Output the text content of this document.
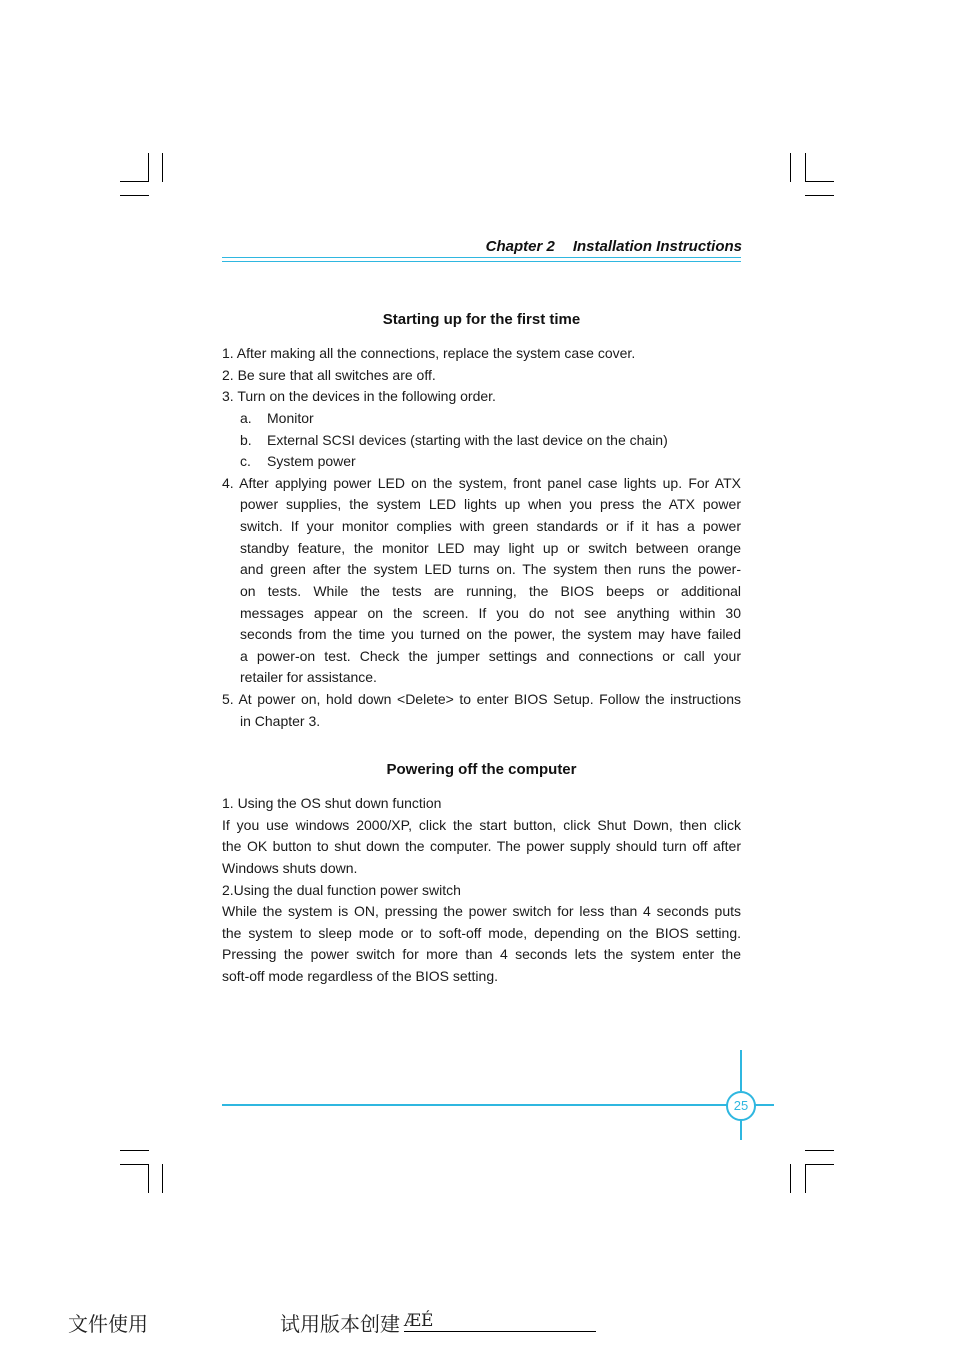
Chapter 2 Installation Instructions
Starting up for the first time
1. After making all the connections, replace the system case cover.
2. Be sure that all switches are off.
3. Turn on the devices in the following order.
a. Monitor
b. External SCSI devices (starting with the last device on the chain)
c. System power
4. After applying power LED on the system, front panel case lights up. For ATX
power supplies, the system LED lights up when you press the ATX power
switch. If your monitor complies with green standards or if it has a power
standby feature, the monitor LED may light up or switch between orange
and green after the system LED turns on. The system then runs the power-
on tests. While the tests are running, the BIOS beeps or additional
messages appear on the screen. If you do not see anything within 30
seconds from the time you turned on the power, the system may have failed
a power-on test. Check the jumper settings and connections or call your
retailer for assistance.
5. At power on, hold down <Delete> to enter BIOS Setup. Follow the instructions
in Chapter 3.
Powering off the computer
1. Using the OS shut down function
If you use windows 2000/XP, click the start button, click Shut Down, then click
the OK button to shut down the computer. The power supply should turn off after
Windows shuts down.
2.Using the dual function power switch
While the system is ON, pressing the power switch for less than 4 seconds puts
the system to sleep mode or to soft-off mode, depending on the BIOS setting.
Pressing the power switch for more than 4 seconds lets the system enter the
soft-off mode regardless of the BIOS setting.
25
文件使用	试用版本创建 ÆÉ
